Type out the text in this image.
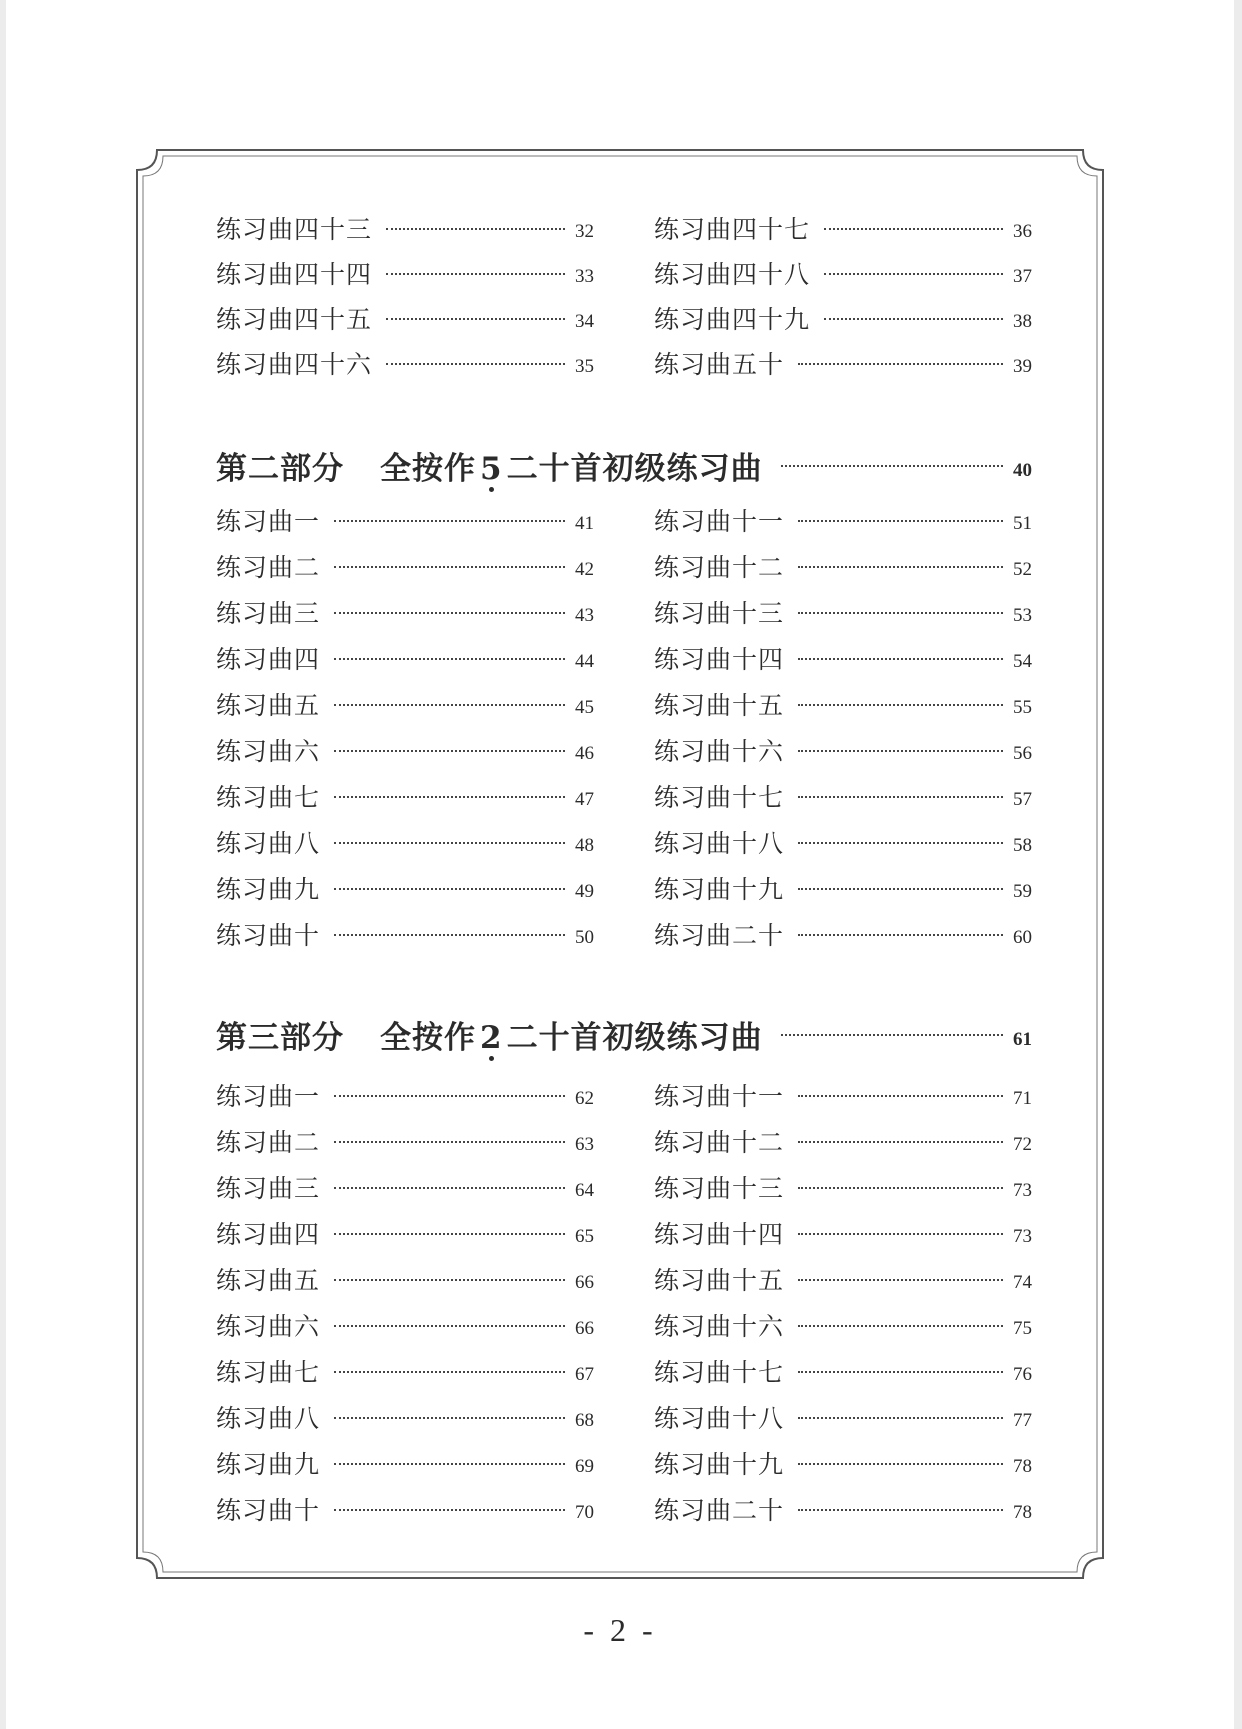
练习曲四十三	32
练习曲四十四	33
练习曲四十五	34
练习曲四十六	35
练习曲四十七	36
练习曲四十八	37
练习曲四十九	38
练习曲五十	39
第二部分 全按作 5 二十首初级练习曲	40
练习曲一	41
练习曲二	42
练习曲三	43
练习曲四	44
练习曲五	45
练习曲六	46
练习曲七	47
练习曲八	48
练习曲九	49
练习曲十	50
练习曲十一	51
练习曲十二	52
练习曲十三	53
练习曲十四	54
练习曲十五	55
练习曲十六	56
练习曲十七	57
练习曲十八	58
练习曲十九	59
练习曲二十	60
第三部分 全按作 2 二十首初级练习曲	61
练习曲一	62
练习曲二	63
练习曲三	64
练习曲四	65
练习曲五	66
练习曲六	66
练习曲七	67
练习曲八	68
练习曲九	69
练习曲十	70
练习曲十一	71
练习曲十二	72
练习曲十三	73
练习曲十四	73
练习曲十五	74
练习曲十六	75
练习曲十七	76
练习曲十八	77
练习曲十九	78
练习曲二十	78
- 2 -
